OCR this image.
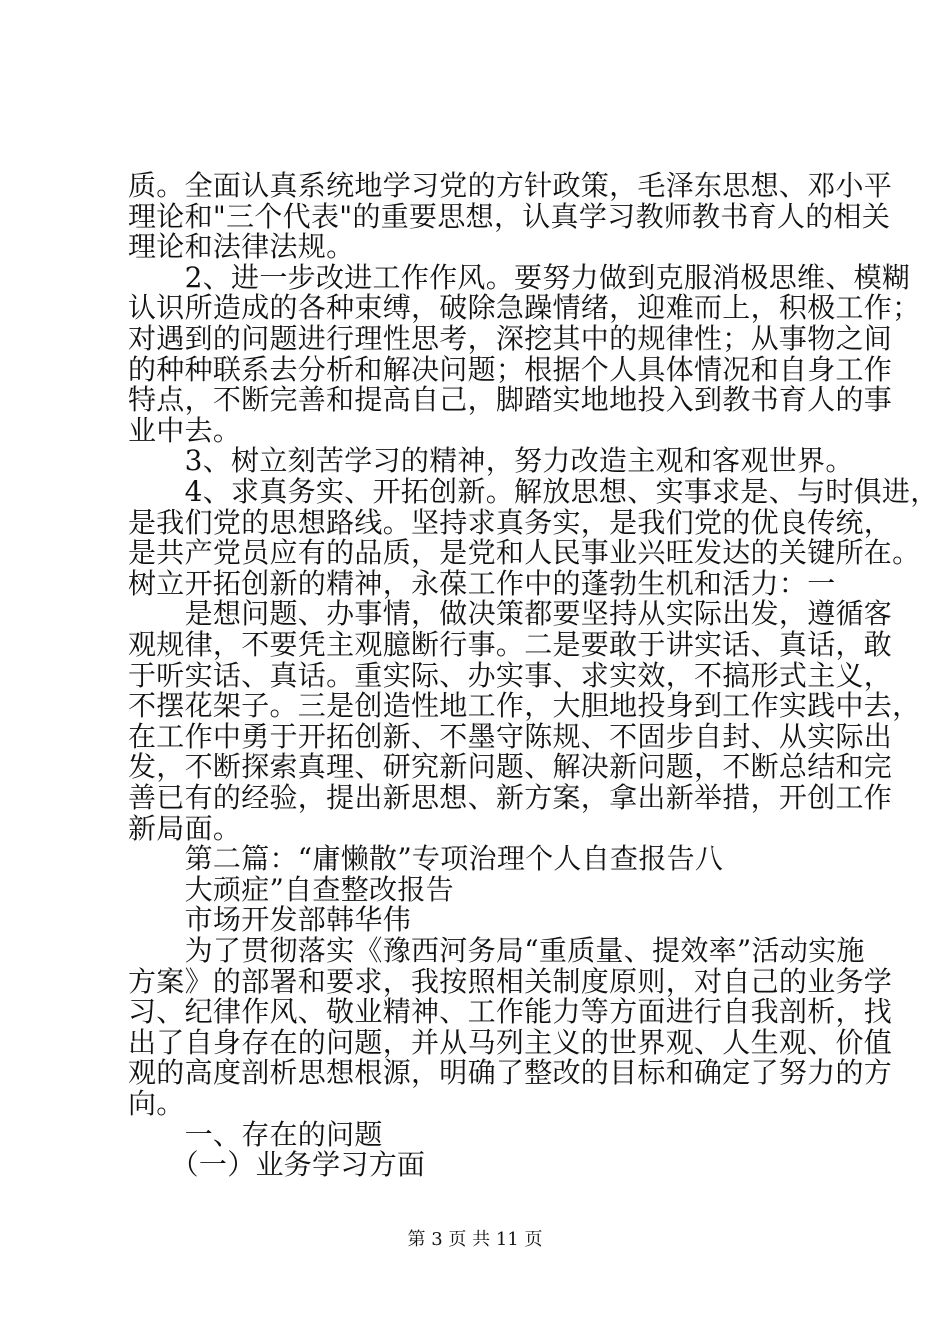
质。全面认真系统地学习党的方针政策，毛泽东思想、邓小平
理论和"三个代表"的重要思想，认真学习教师教书育人的相关
理论和法律法规。
　　2、进一步改进工作作风。要努力做到克服消极思维、模糊
认识所造成的各种束缚，破除急躁情绪，迎难而上，积极工作；
对遇到的问题进行理性思考，深挖其中的规律性；从事物之间
的种种联系去分析和解决问题；根据个人具体情况和自身工作
特点，不断完善和提高自己，脚踏实地地投入到教书育人的事
业中去。
　　3、树立刻苦学习的精神，努力改造主观和客观世界。
　　4、求真务实、开拓创新。解放思想、实事求是、与时俱进，
是我们党的思想路线。坚持求真务实，是我们党的优良传统，
是共产党员应有的品质，是党和人民事业兴旺发达的关键所在。
树立开拓创新的精神，永葆工作中的蓬勃生机和活力：一
　　是想问题、办事情，做决策都要坚持从实际出发，遵循客
观规律，不要凭主观臆断行事。二是要敢于讲实话、真话，敢
于听实话、真话。重实际、办实事、求实效，不搞形式主义，
不摆花架子。三是创造性地工作，大胆地投身到工作实践中去，
在工作中勇于开拓创新、不墨守陈规、不固步自封、从实际出
发，不断探索真理、研究新问题、解决新问题，不断总结和完
善已有的经验，提出新思想、新方案，拿出新举措，开创工作
新局面。
　　第二篇：“庸懒散”专项治理个人自查报告八
　　大顽症”自查整改报告
　　市场开发部韩华伟
　　为了贯彻落实《豫西河务局“重质量、提效率”活动实施
方案》的部署和要求，我按照相关制度原则，对自己的业务学
习、纪律作风、敬业精神、工作能力等方面进行自我剖析，找
出了自身存在的问题，并从马列主义的世界观、人生观、价值
观的高度剖析思想根源，明确了整改的目标和确定了努力的方
向。
　　一、存在的问题
　　（一）业务学习方面
第 3 页 共 11 页
